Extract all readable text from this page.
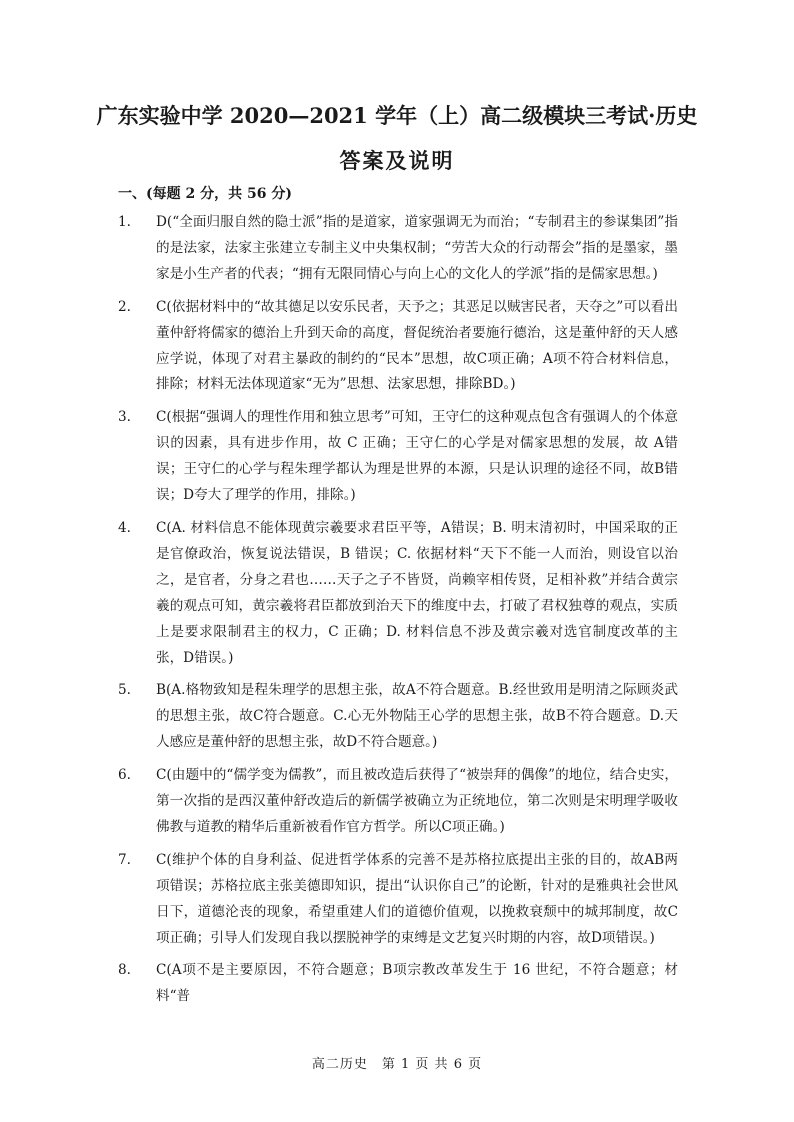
广东实验中学 2020—2021 学年（上）高二级模块三考试·历史
答案及说明
一、(每题 2 分，共 56 分)
1. D(“全面归服自然的隐士派”指的是道家，道家强调无为而治；“专制君主的参谋集团”指的是法家，法家主张建立专制主义中央集权制；“劳苦大众的行动帮会”指的是墨家，墨家是小生产者的代表；“拥有无限同情心与向上心的文化人的学派”指的是儒家思想。)
2. C(依据材料中的“故其德足以安乐民者，天予之；其恶足以贼害民者，天夺之”可以看出董仲舒将儒家的德治上升到天命的高度，督促统治者要施行德治，这是董仲舒的天人感应学说，体现了对君主暴政的制约的“民本”思想，故C项正确；A项不符合材料信息，排除；材料无法体现道家“无为”思想、法家思想，排除BD。)
3. C(根据“强调人的理性作用和独立思考”可知，王守仁的这种观点包含有强调人的个体意识的因素，具有进步作用，故 C 正确；王守仁的心学是对儒家思想的发展，故 A错误；王守仁的心学与程朱理学都认为理是世界的本源，只是认识理的途径不同，故B错误；D夸大了理学的作用，排除。)
4. C(A. 材料信息不能体现黄宗羲要求君臣平等，A错误；B. 明末清初时，中国采取的正是官僚政治，恢复说法错误，B 错误；C. 依据材料“天下不能一人而治，则设官以治之，是官者，分身之君也……天子之子不皆贤，尚赖宰相传贤，足相补救”并结合黄宗羲的观点可知，黄宗羲将君臣都放到治天下的维度中去，打破了君权独尊的观点，实质上是要求限制君主的权力，C 正确；D. 材料信息不涉及黄宗羲对选官制度改革的主张，D错误。)
5. B(A.格物致知是程朱理学的思想主张，故A不符合题意。B.经世致用是明清之际顾炎武的思想主张，故C符合题意。C.心无外物陆王心学的思想主张，故B不符合题意。D.天人感应是董仲舒的思想主张，故D不符合题意。)
6. C(由题中的“儒学变为儒教”，而且被改造后获得了“被崇拜的偶像”的地位，结合史实，第一次指的是西汉董仲舒改造后的新儒学被确立为正统地位，第二次则是宋明理学吸收佛教与道教的精华后重新被看作官方哲学。所以C项正确。)
7. C(维护个体的自身利益、促进哲学体系的完善不是苏格拉底提出主张的目的，故AB两项错误；苏格拉底主张美德即知识，提出“认识你自己”的论断，针对的是雅典社会世风日下，道德沦丧的现象，希望重建人们的道德价值观，以挽救衰颓中的城邦制度，故C项正确；引导人们发现自我以摆脱神学的束缚是文艺复兴时期的内容，故D项错误。)
8. C(A项不是主要原因，不符合题意；B项宗教改革发生于 16 世纪，不符合题意；材料“普
高二历史　第 1 页 共 6 页
